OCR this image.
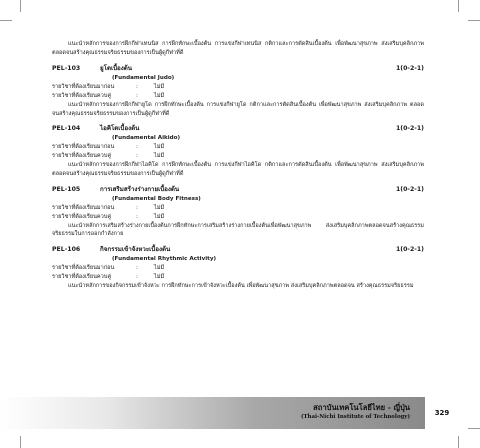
แนะนำหลักการของการฝึกกีฬาเทนนิส การฝึกทักษะเบื้องต้น การแข่งกีฬาเทนนิส กติกาและการตัดสินเบื้องต้น เพื่อพัฒนาสุขภาพ ส่งเสริมบุคลิกภาพ ตลอดจนสร้างคุณธรรมจริยธรรมของการเป็นผู้ดูกีฬาที่ดี

PEL-103	ยูโดเบื้องต้น	1(0-2-1)
(Fundamental Judo)
รายวิชาที่ต้องเรียนมาก่อน	:	ไม่มี
รายวิชาที่ต้องเรียนควบคู่	:	ไม่มี

แนะนำหลักการของการฝึกกีฬายูโด การฝึกทักษะเบื้องต้น การแข่งกีฬายูโด กติกาและการตัดสินเบื้องต้น เพื่อพัฒนาสุขภาพ ส่งเสริมบุคลิกภาพ ตลอดจนสร้างคุณธรรมจริยธรรมของการเป็นผู้ดูกีฬาที่ดี

PEL-104	ไอคิโดเบื้องต้น	1(0-2-1)
(Fundamental Aikido)
รายวิชาที่ต้องเรียนมาก่อน	:	ไม่มี
รายวิชาที่ต้องเรียนควบคู่	:	ไม่มี

แนะนำหลักการของการฝึกกีฬาไอคิโด การฝึกทักษะเบื้องต้น การแข่งกีฬาไอคิโด กติกาและการตัดสินเบื้องต้น เพื่อพัฒนาสุขภาพ ส่งเสริมบุคลิกภาพ ตลอดจนสร้างคุณธรรมจริยธรรมของการเป็นผู้ดูกีฬาที่ดี

PEL-105	การเสริมสร้างร่างกายเบื้องต้น	1(0-2-1)
(Fundamental Body Fitness)
รายวิชาที่ต้องเรียนมาก่อน	:	ไม่มี
รายวิชาที่ต้องเรียนควบคู่	:	ไม่มี

แนะนำหลักการเสริมสร้างร่างกายเบื้องต้นการฝึกทักษะการเสริมสร้างร่างกายเบื้องต้นเพื่อพัฒนาสุขภาพ ส่งเสริมบุคลิกภาพตลอดจนสร้างคุณธรรม จริยธรรมในการออกกำลังกาย

PEL-106	กิจกรรมเข้าจังหวะเบื้องต้น	1(0-2-1)
(Fundamental Rhythmic Activity)
รายวิชาที่ต้องเรียนมาก่อน	:	ไม่มี
รายวิชาที่ต้องเรียนควบคู่	:	ไม่มี

แนะนำหลักการของกิจกรรมเข้าจังหวะ การฝึกทักษะการเข้าจังหวะเบื้องต้น เพื่อพัฒนาสุขภาพ ส่งเสริมบุคลิกภาพตลอดจน สร้างคุณธรรมจริยธรรม

สถาบันเทคโนโลยีไทย - ญี่ปุ่น
(Thai-Nichi Institute of Technology)	329
